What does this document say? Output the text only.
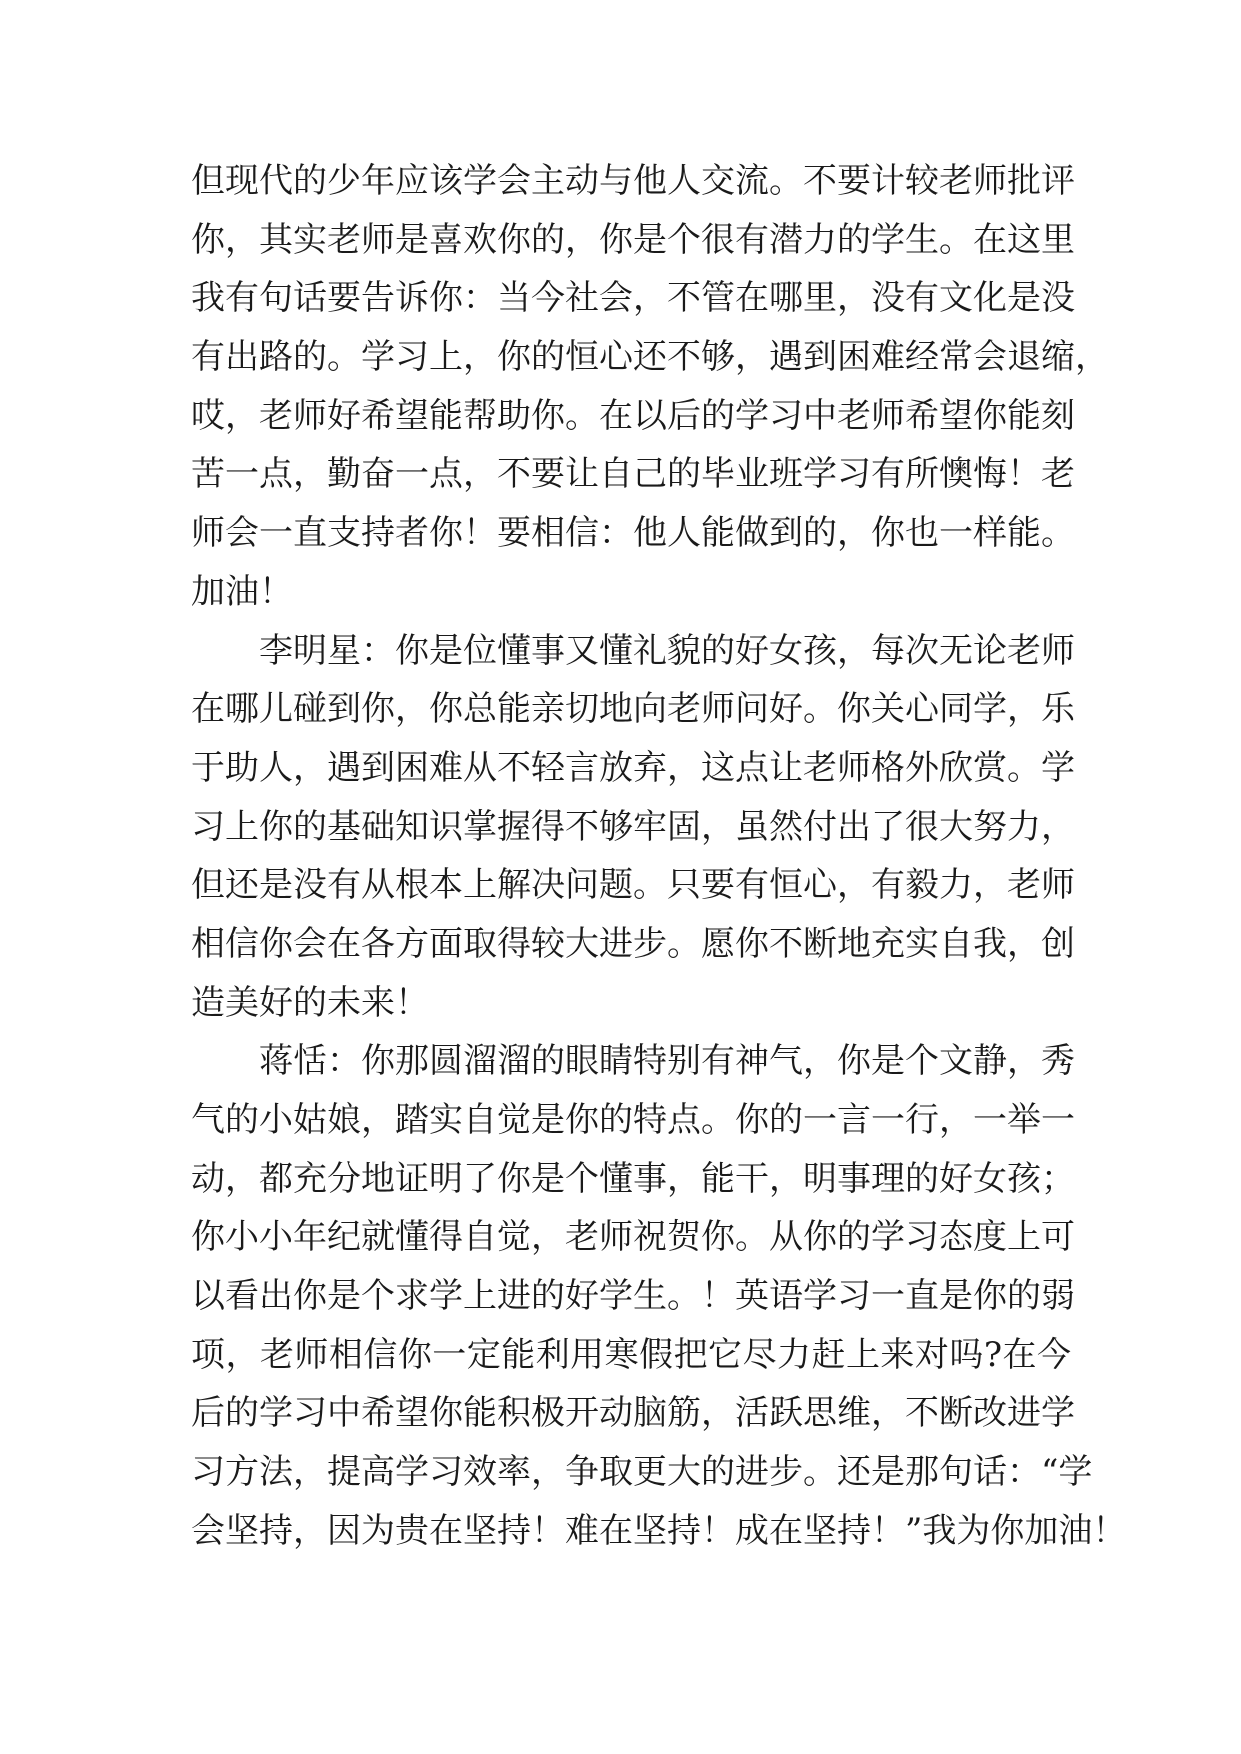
但现代的少年应该学会主动与他人交流。不要计较老师批评
你，其实老师是喜欢你的，你是个很有潜力的学生。在这里
我有句话要告诉你：当今社会，不管在哪里，没有文化是没
有出路的。学习上，你的恒心还不够，遇到困难经常会退缩，
哎，老师好希望能帮助你。在以后的学习中老师希望你能刻
苦一点，勤奋一点，不要让自己的毕业班学习有所懊悔！老
师会一直支持者你！要相信：他人能做到的，你也一样能。
加油！
李明星：你是位懂事又懂礼貌的好女孩，每次无论老师
在哪儿碰到你，你总能亲切地向老师问好。你关心同学，乐
于助人，遇到困难从不轻言放弃，这点让老师格外欣赏。学
习上你的基础知识掌握得不够牢固，虽然付出了很大努力，
但还是没有从根本上解决问题。只要有恒心，有毅力，老师
相信你会在各方面取得较大进步。愿你不断地充实自我，创
造美好的未来！
蒋恬：你那圆溜溜的眼睛特别有神气，你是个文静，秀
气的小姑娘，踏实自觉是你的特点。你的一言一行，一举一
动，都充分地证明了你是个懂事，能干，明事理的好女孩；
你小小年纪就懂得自觉，老师祝贺你。从你的学习态度上可
以看出你是个求学上进的好学生。！英语学习一直是你的弱
项，老师相信你一定能利用寒假把它尽力赶上来对吗?在今
后的学习中希望你能积极开动脑筋，活跃思维，不断改进学
习方法，提高学习效率，争取更大的进步。还是那句话：“学
会坚持，因为贵在坚持！难在坚持！成在坚持！”我为你加油！
